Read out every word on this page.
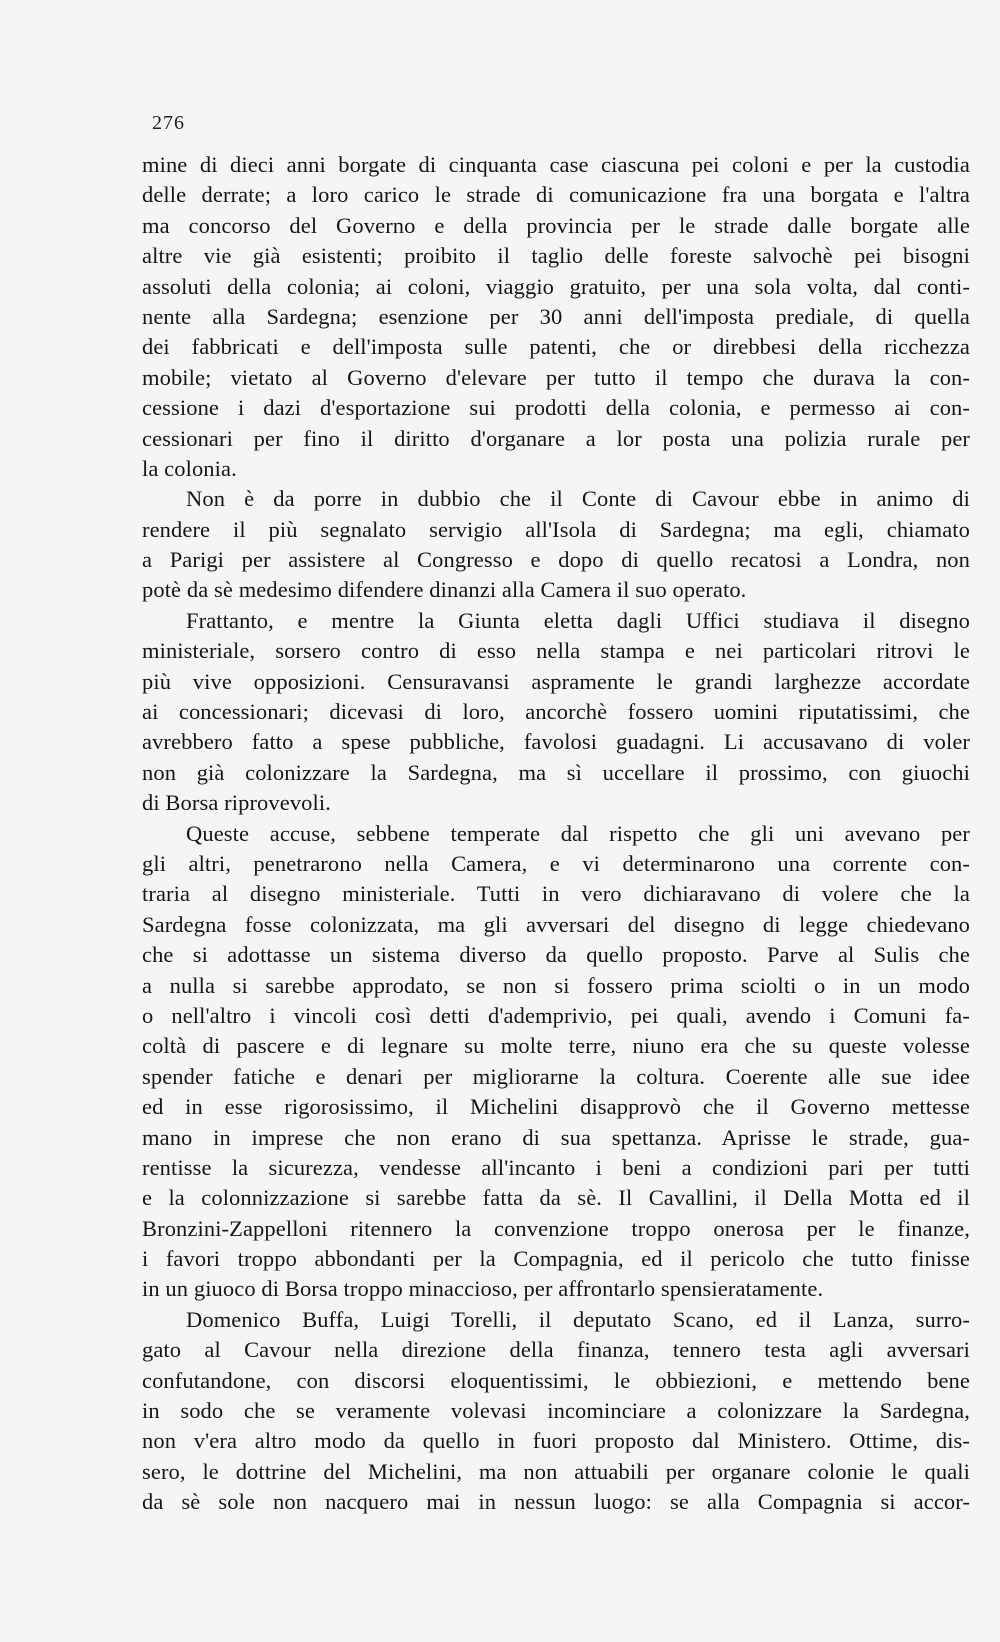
276
mine di dieci anni borgate di cinquanta case ciascuna pei coloni e per la custodia
delle derrate; a loro carico le strade di comunicazione fra una borgata e l'altra
ma concorso del Governo e della provincia per le strade dalle borgate alle
altre vie già esistenti; proibito il taglio delle foreste salvochè pei bisogni
assoluti della colonia; ai coloni, viaggio gratuito, per una sola volta, dal conti-
nente alla Sardegna; esenzione per 30 anni dell'imposta prediale, di quella
dei fabbricati e dell'imposta sulle patenti, che or direbbesi della ricchezza
mobile; vietato al Governo d'elevare per tutto il tempo che durava la con-
cessione i dazi d'esportazione sui prodotti della colonia, e permesso ai con-
cessionari per fino il diritto d'organare a lor posta una polizia rurale per
la colonia.
Non è da porre in dubbio che il Conte di Cavour ebbe in animo di
rendere il più segnalato servigio all'Isola di Sardegna; ma egli, chiamato
a Parigi per assistere al Congresso e dopo di quello recatosi a Londra, non
potè da sè medesimo difendere dinanzi alla Camera il suo operato.
Frattanto, e mentre la Giunta eletta dagli Uffici studiava il disegno
ministeriale, sorsero contro di esso nella stampa e nei particolari ritrovi le
più vive opposizioni. Censuravansi aspramente le grandi larghezze accordate
ai concessionari; dicevasi di loro, ancorchè fossero uomini riputatissimi, che
avrebbero fatto a spese pubbliche, favolosi guadagni. Li accusavano di voler
non già colonizzare la Sardegna, ma sì uccellare il prossimo, con giuochi
di Borsa riprovevoli.
Queste accuse, sebbene temperate dal rispetto che gli uni avevano per
gli altri, penetrarono nella Camera, e vi determinarono una corrente con-
traria al disegno ministeriale. Tutti in vero dichiaravano di volere che la
Sardegna fosse colonizzata, ma gli avversari del disegno di legge chiedevano
che si adottasse un sistema diverso da quello proposto. Parve al Sulis che
a nulla si sarebbe approdato, se non si fossero prima sciolti o in un modo
o nell'altro i vincoli così detti d'ademprivio, pei quali, avendo i Comuni fa-
coltà di pascere e di legnare su molte terre, niuno era che su queste volesse
spender fatiche e denari per migliorarne la coltura. Coerente alle sue idee
ed in esse rigorosissimo, il Michelini disapprovò che il Governo mettesse
mano in imprese che non erano di sua spettanza. Aprisse le strade, gua-
rentisse la sicurezza, vendesse all'incanto i beni a condizioni pari per tutti
e la colonnizzazione si sarebbe fatta da sè. Il Cavallini, il Della Motta ed il
Bronzini-Zappelloni ritennero la convenzione troppo onerosa per le finanze,
i favori troppo abbondanti per la Compagnia, ed il pericolo che tutto finisse
in un giuoco di Borsa troppo minaccioso, per affrontarlo spensieratamente.
Domenico Buffa, Luigi Torelli, il deputato Scano, ed il Lanza, surro-
gato al Cavour nella direzione della finanza, tennero testa agli avversari
confutandone, con discorsi eloquentissimi, le obbiezioni, e mettendo bene
in sodo che se veramente volevasi incominciare a colonizzare la Sardegna,
non v'era altro modo da quello in fuori proposto dal Ministero. Ottime, dis-
sero, le dottrine del Michelini, ma non attuabili per organare colonie le quali
da sè sole non nacquero mai in nessun luogo: se alla Compagnia si accor-
